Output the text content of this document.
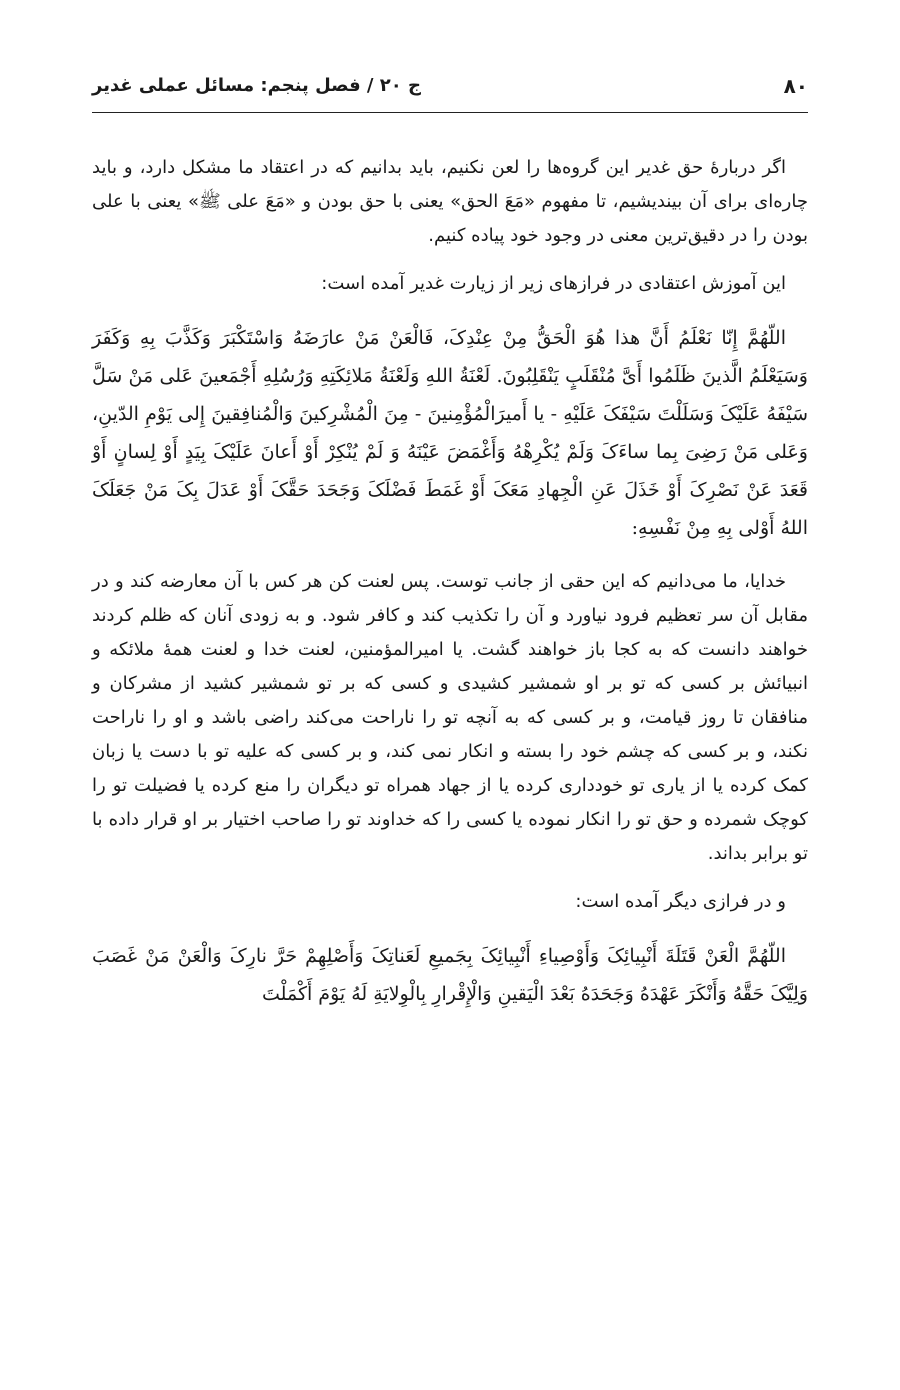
۸۰
ج ۲۰ / فصل پنجم: مسائل عملی غدیر

اگر دربارۀ حق غدیر این گروه‌ها را لعن نکنیم، باید بدانیم که در اعتقاد ما مشکل دارد، و باید چاره‌ای برای آن بیندیشیم، تا مفهوم «مَعَ الحق» یعنی با حق بودن و «مَعَ علی ﷺ» یعنی با علی بودن را در دقیق‌ترین معنی در وجود خود پیاده کنیم.

این آموزش اعتقادی در فرازهای زیر از زیارت غدیر آمده است:

اللّهُمَّ إِنّا نَعْلَمُ أَنَّ هذا هُوَ الْحَقُّ مِنْ عِنْدِکَ، فَالْعَنْ مَنْ عارَضَهُ وَاسْتَکْبَرَ وَکَذَّبَ بِهِ وَکَفَرَ وَسَیَعْلَمُ الَّذینَ ظَلَمُوا أَیَّ مُنْقَلَبٍ یَنْقَلِبُونَ. لَعْنَةُ اللهِ وَلَعْنَةُ مَلائِکَتِهِ وَرُسُلِهِ أَجْمَعینَ عَلی مَنْ سَلَّ سَیْفَهُ عَلَیْکَ وَسَلَلْتَ سَیْفَکَ عَلَیْهِ - یا أَمیرَالْمُؤْمِنینَ - مِنَ الْمُشْرِکینَ وَالْمُنافِقینَ إِلی یَوْمِ الدّینِ، وَعَلی مَنْ رَضِیَ بِما ساءَکَ وَلَمْ یُکْرِهْهُ وَأَغْمَضَ عَیْنَهُ وَ لَمْ یُنْکِرْ أَوْ أَعانَ عَلَیْکَ بِیَدٍ أَوْ لِسانٍ أَوْ قَعَدَ عَنْ نَصْرِکَ أَوْ خَذَلَ عَنِ الْجِهادِ مَعَکَ أَوْ غَمَطَ فَضْلَکَ وَجَحَدَ حَقَّکَ أَوْ عَدَلَ بِکَ مَنْ جَعَلَکَ اللهُ أَوْلی بِهِ مِنْ نَفْسِهِ:

خدایا، ما می‌دانیم که این حقی از جانب توست. پس لعنت کن هر کس با آن معارضه کند و در مقابل آن سر تعظیم فرود نیاورد و آن را تکذیب کند و کافر شود. و به زودی آنان که ظلم کردند خواهند دانست که به کجا باز خواهند گشت. یا امیرالمؤمنین، لعنت خدا و لعنت همۀ ملائکه و انبیائش بر کسی که تو بر او شمشیر کشیدی و کسی که بر تو شمشیر کشید از مشرکان و منافقان تا روز قیامت، و بر کسی که به آنچه تو را ناراحت می‌کند راضی باشد و او را ناراحت نکند، و بر کسی که چشم خود را بسته و انکار نمی کند، و بر کسی که علیه تو با دست یا زبان کمک کرده یا از یاری تو خودداری کرده یا از جهاد همراه تو دیگران را منع کرده یا فضیلت تو را کوچک شمرده و حق تو را انکار نموده یا کسی را که خداوند تو را صاحب اختیار بر او قرار داده با تو برابر بداند.

و در فرازی دیگر آمده است:

اللّهُمَّ الْعَنْ قَتَلَةَ أَنْبِیائِکَ وَأَوْصِیاءِ أَنْبِیائِکَ بِجَمیعِ لَعَناتِکَ وَأَصْلِهِمْ حَرَّ نارِکَ وَالْعَنْ مَنْ غَصَبَ وَلِیَّکَ حَقَّهُ وَأَنْکَرَ عَهْدَهُ وَجَحَدَهُ بَعْدَ الْیَقینِ وَالْإِقْرارِ بِالْوِلایَةِ لَهُ یَوْمَ أَکْمَلْتَ
